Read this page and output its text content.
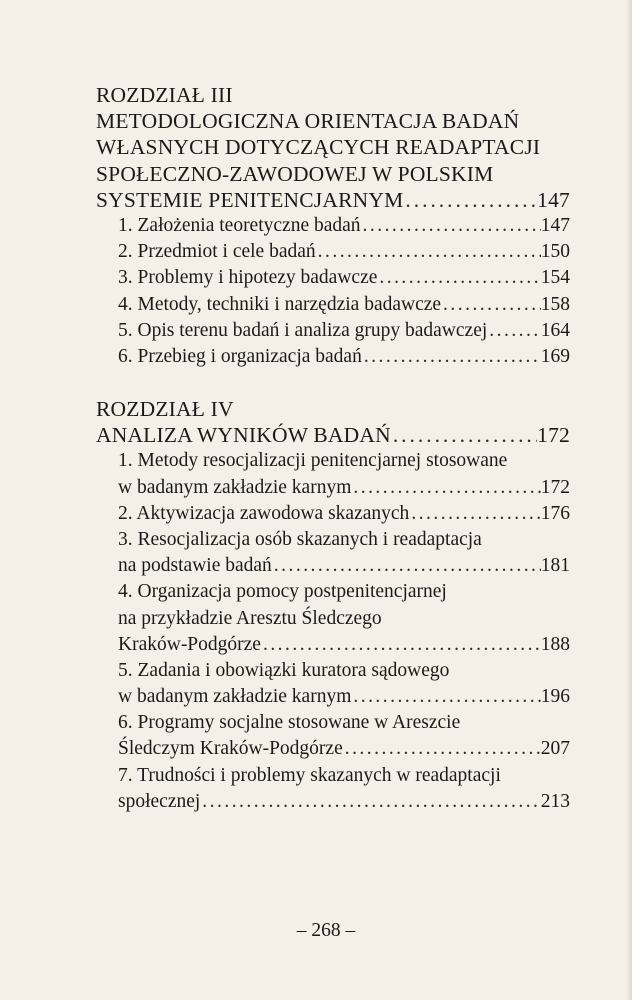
ROZDZIAŁ III
METODOLOGICZNA ORIENTACJA BADAŃ
WŁASNYCH DOTYCZĄCYCH READAPTACJI
SPOŁECZNO-ZAWODOWEJ W POLSKIM
SYSTEMIE PENITENCJARNYM . . .	147
1. Założenia teoretyczne badań . . .	147
2. Przedmiot i cele badań . . .	150
3. Problemy i hipotezy badawcze . . .	154
4. Metody, techniki i narzędzia badawcze . . .	158
5. Opis terenu badań i analiza grupy badawczej . . .	164
6. Przebieg i organizacja badań . . .	169
ROZDZIAŁ IV
ANALIZA WYNIKÓW BADAŃ . . .	172
1. Metody resocjalizacji penitencjarnej stosowane
w badanym zakładzie karnym . . .	172
2. Aktywizacja zawodowa skazanych . . .	176
3. Resocjalizacja osób skazanych i readaptacja
na podstawie badań . . .	181
4. Organizacja pomocy postpenitencjarnej
na przykładzie Aresztu Śledczego
Kraków-Podgórze . . .	188
5. Zadania i obowiązki kuratora sądowego
w badanym zakładzie karnym . . .	196
6. Programy socjalne stosowane w Areszcie
Śledczym Kraków-Podgórze . . .	207
7. Trudności i problemy skazanych w readaptacji
społecznej . . .	213
– 268 –
